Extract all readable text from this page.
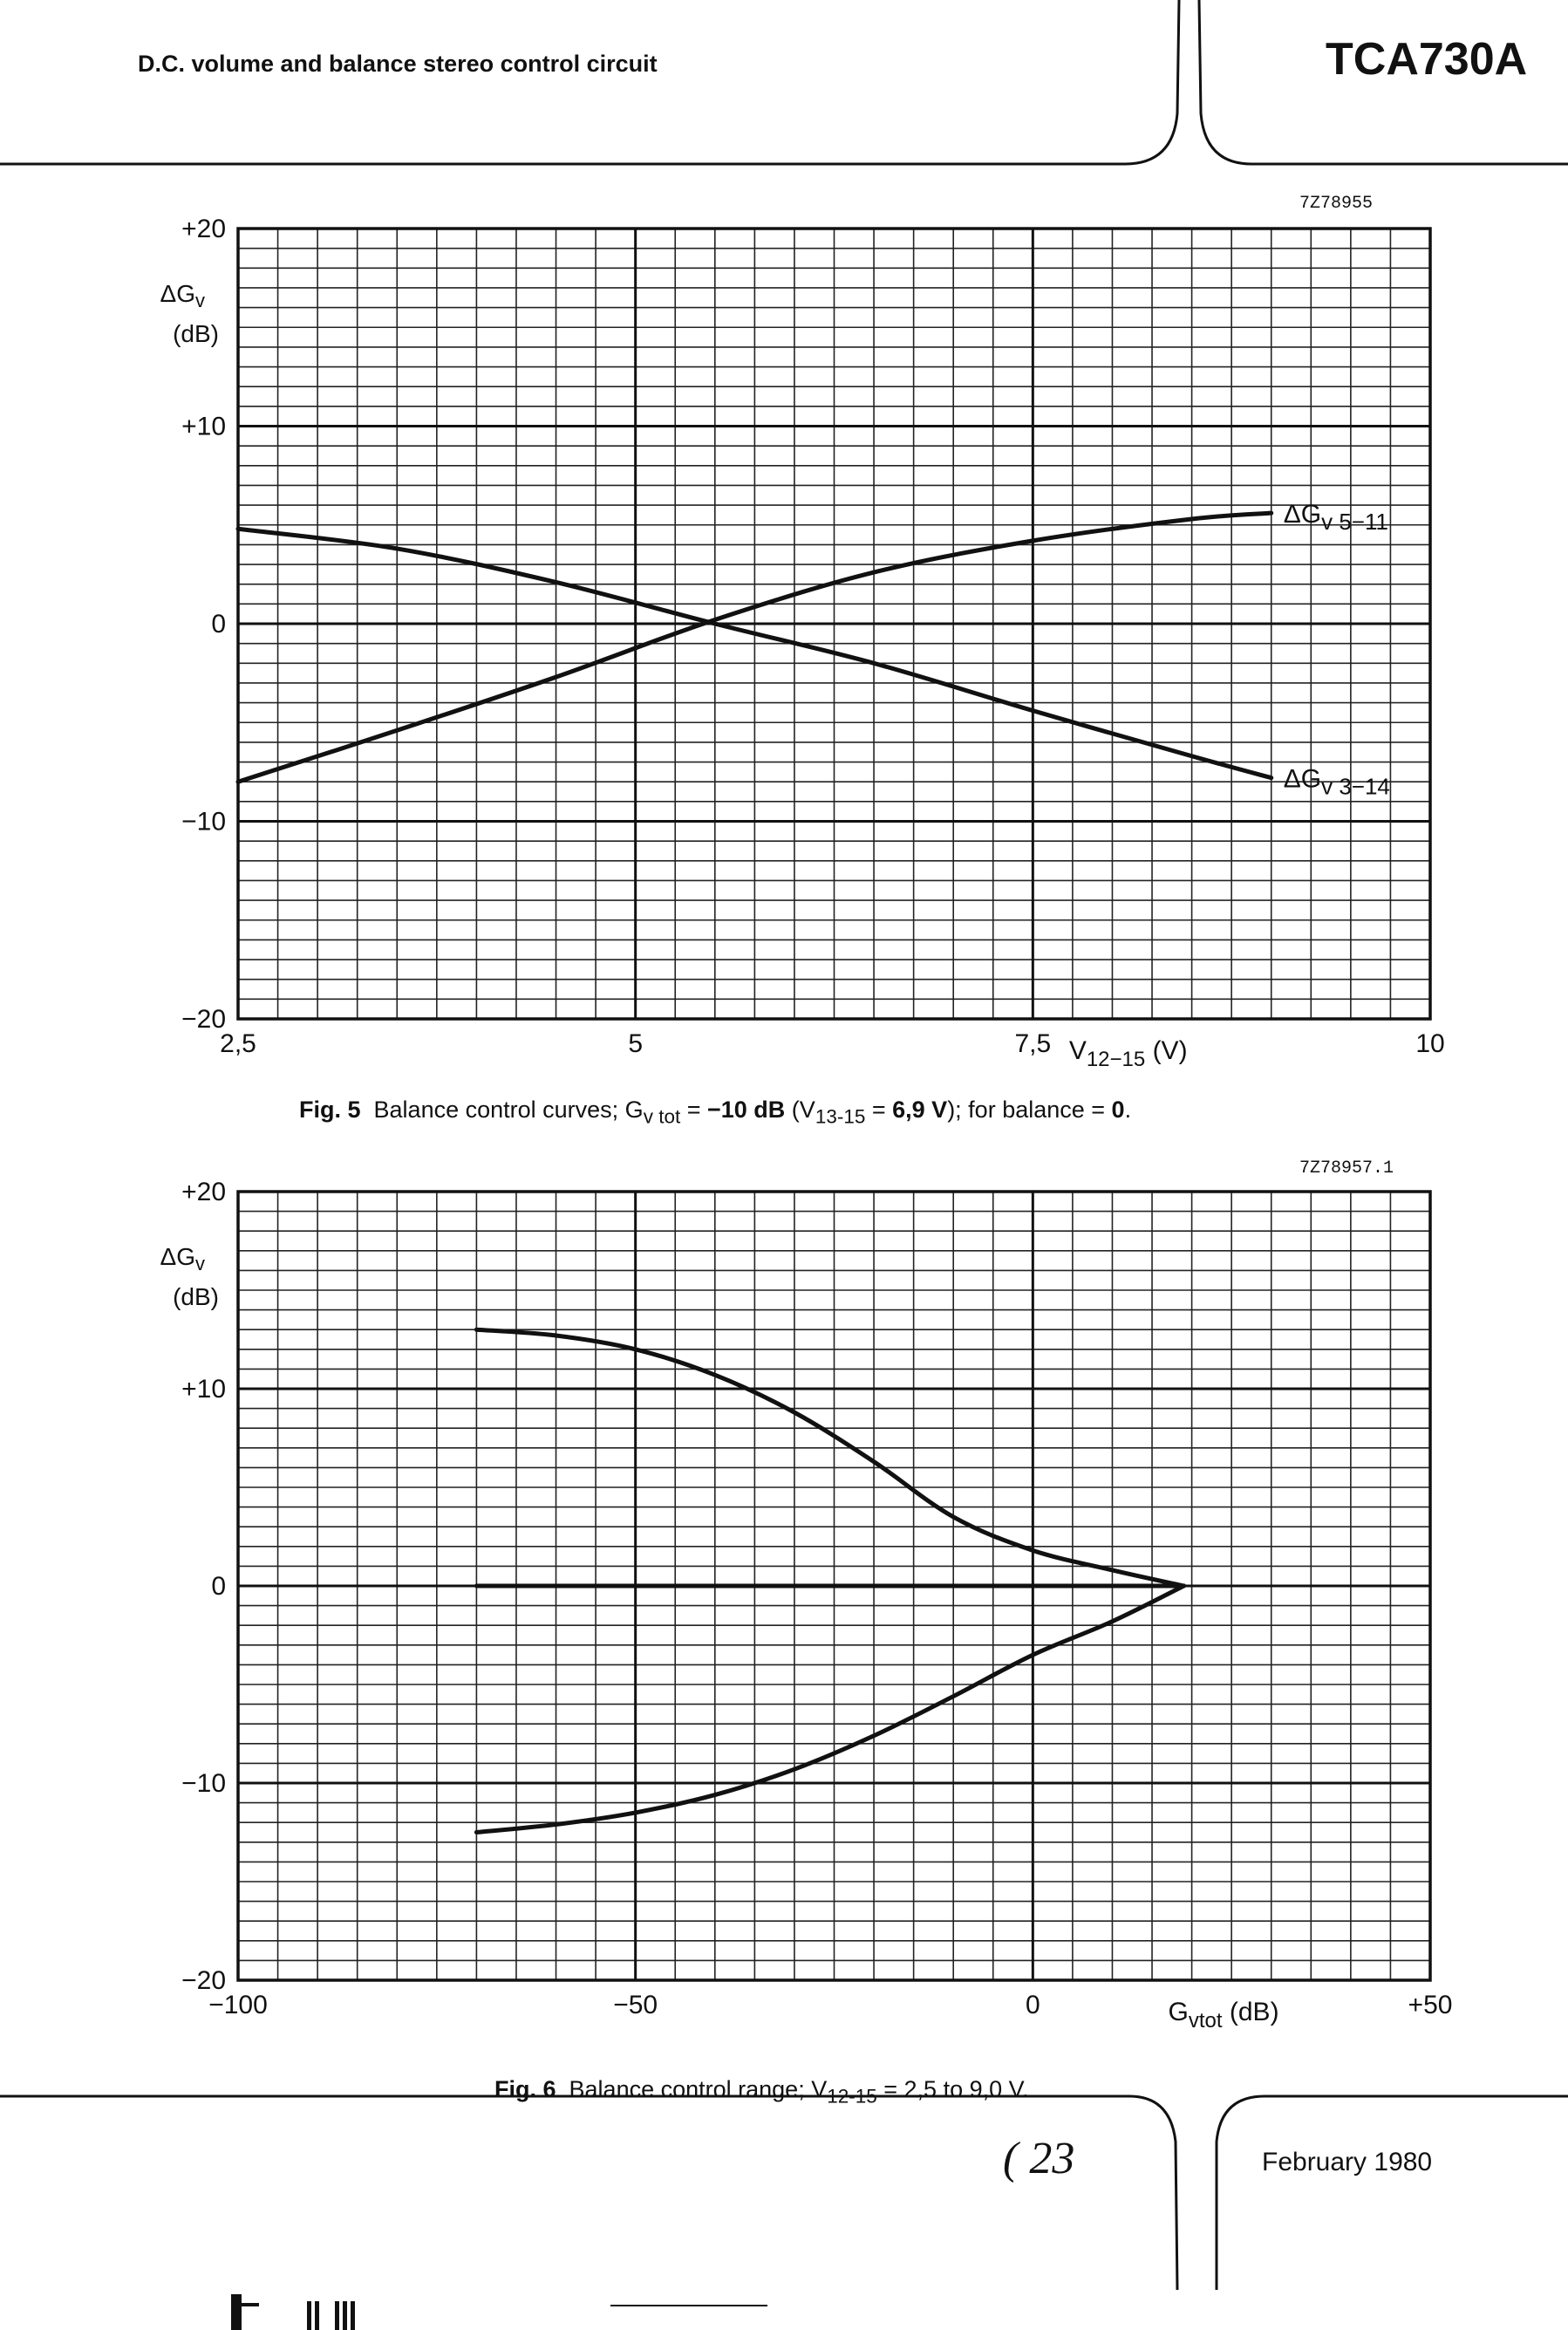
D.C. volume and balance stereo control circuit	TCA730A
7Z78955
ΔGv 5−11
ΔGv 3−14
+20
+10
0
−10
−20
$\Delta G_v$
(dB)
2,5	5	7,5	10
$V_{12-15}$ (V)
Fig. 5 Balance control curves; $G_{v tot} = -10$ dB ($V_{13-15} = 6,9$ V); for balance = 0.
7Z78957.1
+20
+10
0
−10
−20
$\Delta G_v$
(dB)
−100	−50	0	+50
$G_{vtot}$ (dB)
Fig. 6 Balance control range; $V_{12-15} = 2,5$ to 9,0 V.
( 23	February 1980
